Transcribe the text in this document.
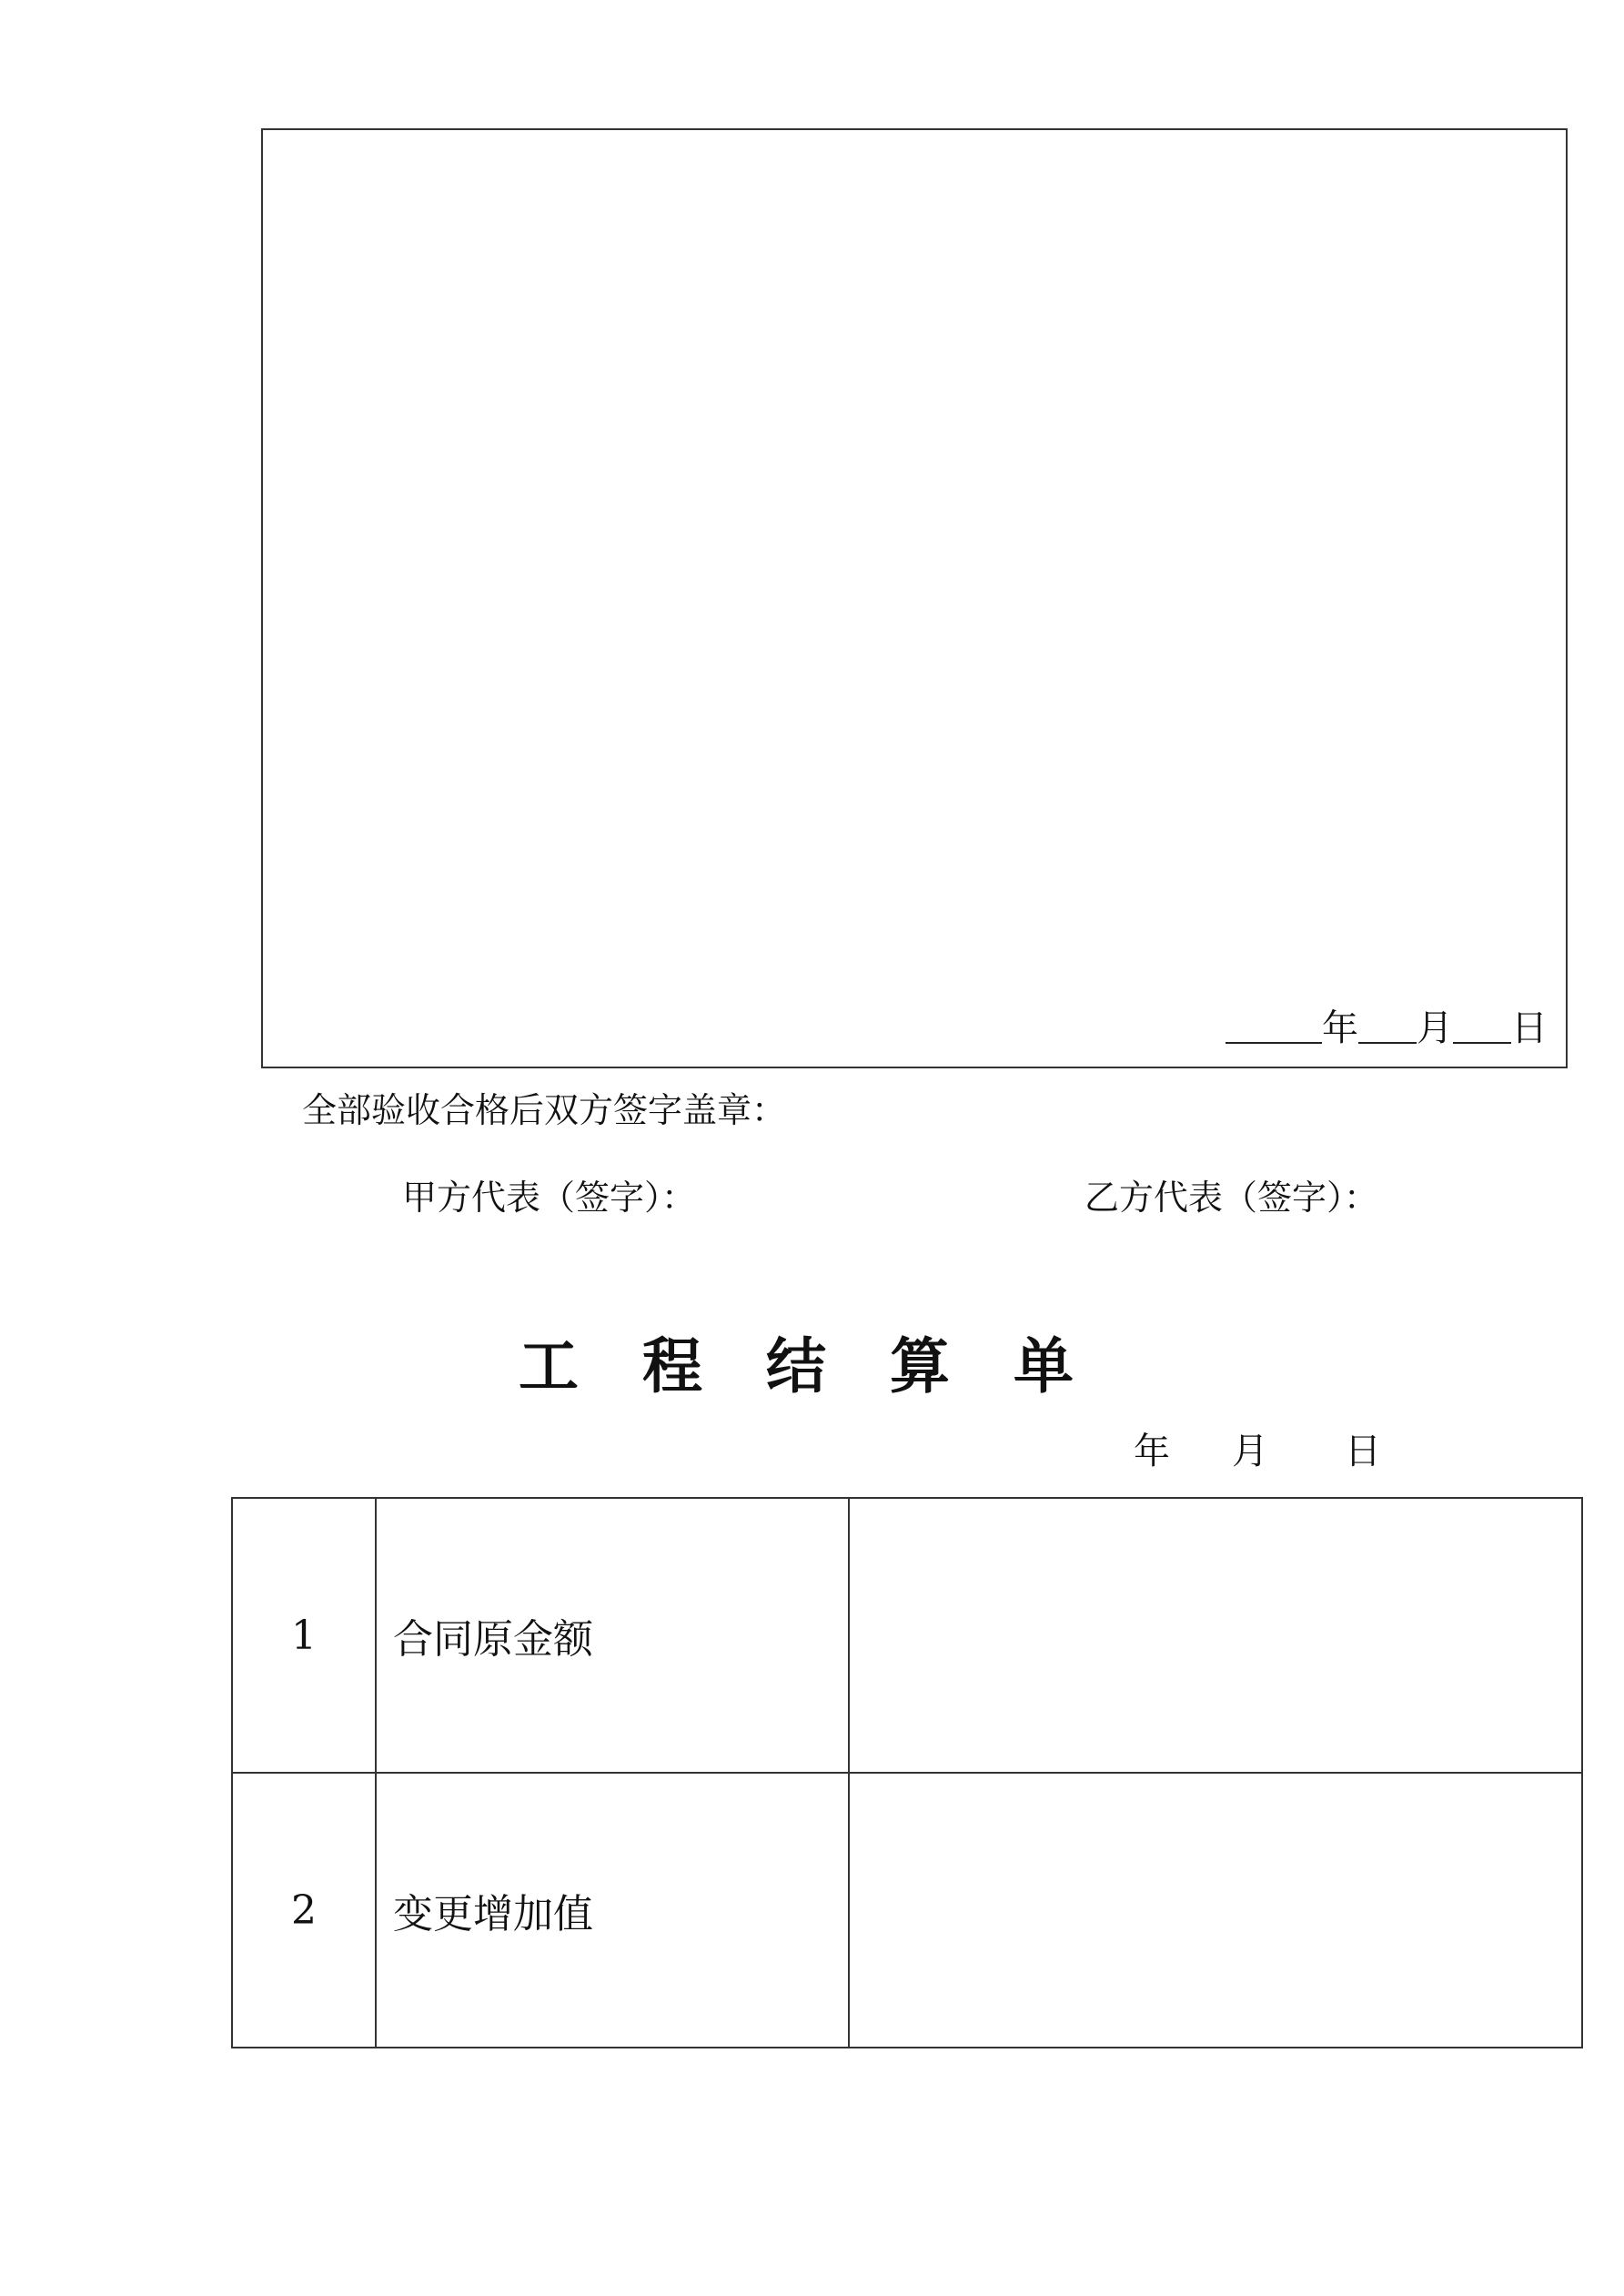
年 月 日
全部验收合格后双方签字盖章：
甲方代表（签字）：	乙方代表（签字）：
工程结算单
年 月 日
1	合同原金额	
2	变更增加值	
